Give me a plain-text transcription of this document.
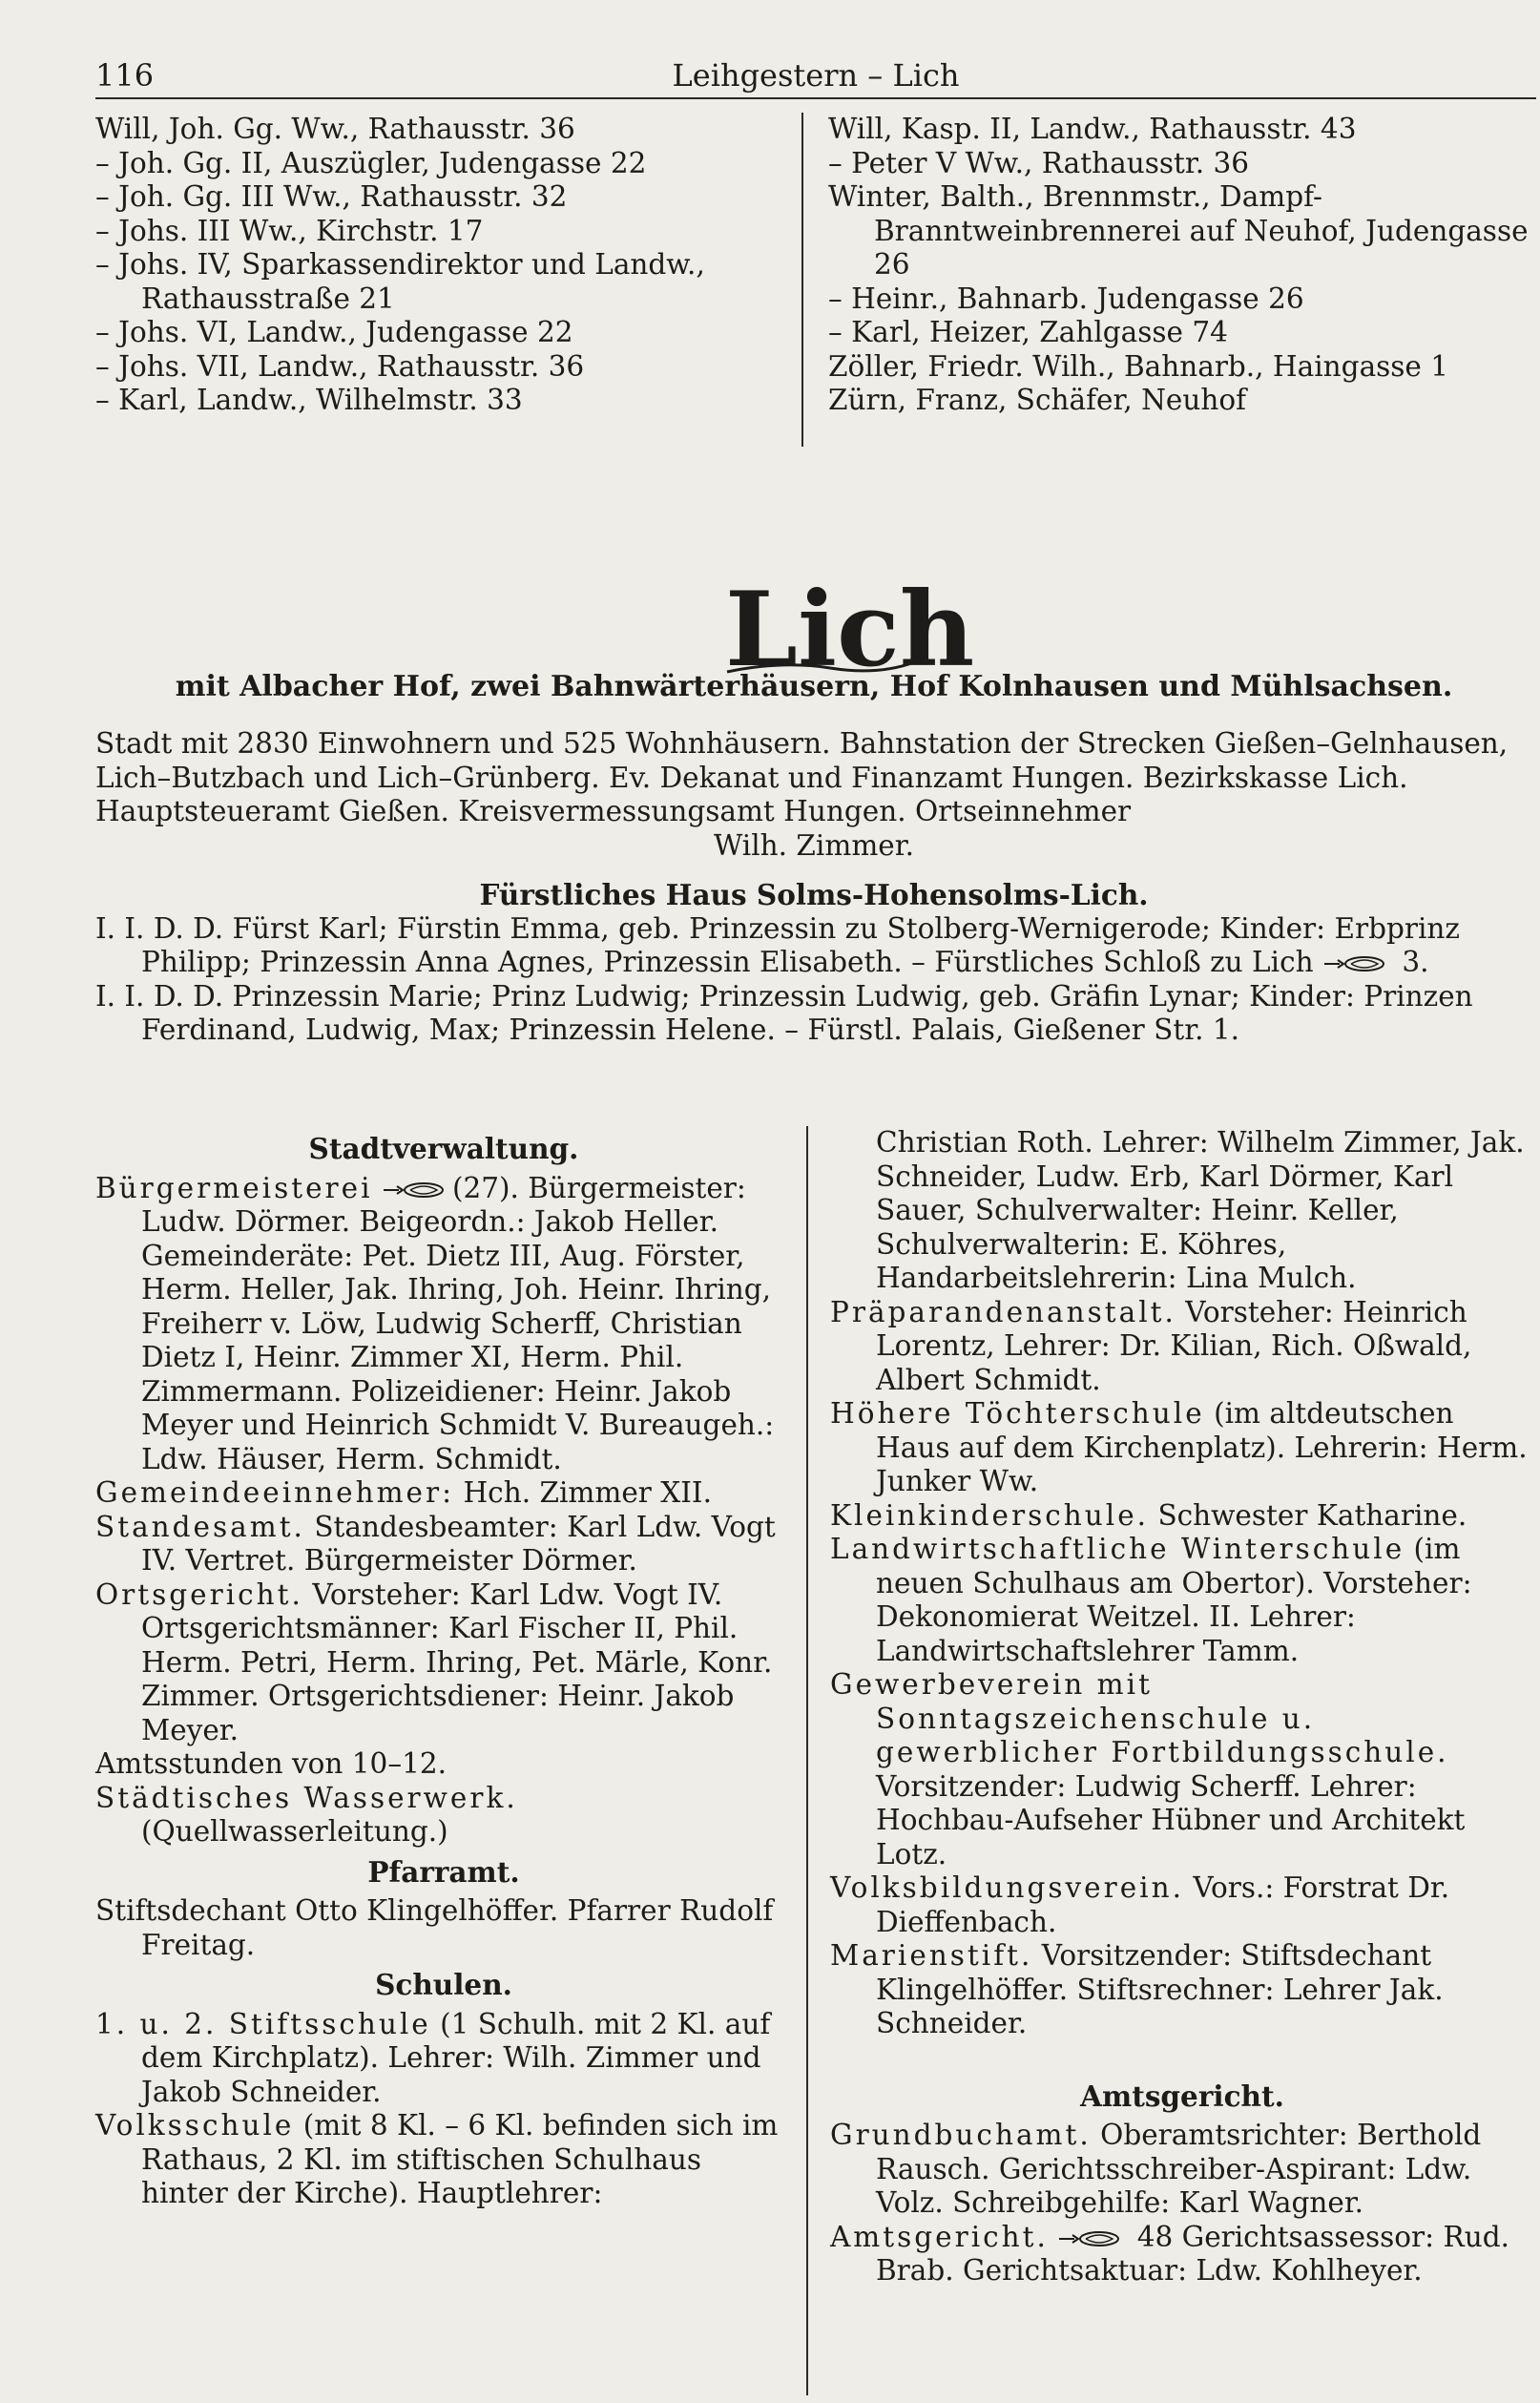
116	Leihgestern – Lich

Will, Joh. Gg. Ww., Rathausstr. 36

– Joh. Gg. II, Auszügler, Judengasse 22

– Joh. Gg. III Ww., Rathausstr. 32

– Johs. III Ww., Kirchstr. 17

– Johs. IV, Sparkassendirektor und Landw., Rathausstraße 21

– Johs. VI, Landw., Judengasse 22

– Johs. VII, Landw., Rathausstr. 36

– Karl, Landw., Wilhelmstr. 33

Will, Kasp. II, Landw., Rathausstr. 43

– Peter V Ww., Rathausstr. 36

Winter, Balth., Brennmstr., Dampf-Branntweinbrennerei auf Neuhof, Judengasse 26

– Heinr., Bahnarb. Judengasse 26

– Karl, Heizer, Zahlgasse 74

Zöller, Friedr. Wilh., Bahnarb., Haingasse 1

Zürn, Franz, Schäfer, Neuhof

Lich
mit Albacher Hof, zwei Bahnwärterhäusern, Hof Kolnhausen und Mühlsachsen.

Stadt mit 2830 Einwohnern und 525 Wohnhäusern. Bahnstation der Strecken Gießen–Gelnhausen, Lich–Butzbach und Lich–Grünberg. Ev. Dekanat und Finanzamt Hungen. Bezirkskasse Lich. Hauptsteueramt Gießen. Kreisvermessungsamt Hungen. Ortseinnehmer

Wilh. Zimmer.

Fürstliches Haus Solms-Hohensolms-Lich.

I. I. D. D. Fürst Karl; Fürstin Emma, geb. Prinzessin zu Stolberg-Wernigerode; Kinder: Erbprinz Philipp; Prinzessin Anna Agnes, Prinzessin Elisabeth. – Fürstliches Schloß zu Lich	3.

I. I. D. D. Prinzessin Marie; Prinz Ludwig; Prinzessin Ludwig, geb. Gräfin Lynar; Kinder: Prinzen Ferdinand, Ludwig, Max; Prinzessin Helene. – Fürstl. Palais, Gießener Str. 1.

Stadtverwaltung.

Bürgermeisterei	(27). Bürgermeister: Ludw. Dörmer. Beigeordn.: Jakob Heller. Gemeinderäte: Pet. Dietz III, Aug. Förster, Herm. Heller, Jak. Ihring, Joh. Heinr. Ihring, Freiherr v. Löw, Ludwig Scherff, Christian Dietz I, Heinr. Zimmer XI, Herm. Phil. Zimmermann. Polizeidiener: Heinr. Jakob Meyer und Heinrich Schmidt V. Bureaugeh.: Ldw. Häuser, Herm. Schmidt.

Gemeindeeinnehmer: Hch. Zimmer XII.

Standesamt. Standesbeamter: Karl Ldw. Vogt IV. Vertret. Bürgermeister Dörmer.

Ortsgericht. Vorsteher: Karl Ldw. Vogt IV. Ortsgerichtsmänner: Karl Fischer II, Phil. Herm. Petri, Herm. Ihring, Pet. Märle, Konr. Zimmer. Ortsgerichtsdiener: Heinr. Jakob Meyer.

Amtsstunden von 10–12.

Städtisches Wasserwerk. (Quellwasserleitung.)

Pfarramt.

Stiftsdechant Otto Klingelhöffer. Pfarrer Rudolf Freitag.

Schulen.

1. u. 2. Stiftsschule (1 Schulh. mit 2 Kl. auf dem Kirchplatz). Lehrer: Wilh. Zimmer und Jakob Schneider.

Volksschule (mit 8 Kl. – 6 Kl. befinden sich im Rathaus, 2 Kl. im stiftischen Schulhaus hinter der Kirche). Hauptlehrer:

Christian Roth. Lehrer: Wilhelm Zimmer, Jak. Schneider, Ludw. Erb, Karl Dörmer, Karl Sauer, Schulverwalter: Heinr. Keller, Schulverwalterin: E. Köhres, Handarbeitslehrerin: Lina Mulch.

Präparandenanstalt. Vorsteher: Heinrich Lorentz, Lehrer: Dr. Kilian, Rich. Oßwald, Albert Schmidt.

Höhere Töchterschule (im altdeutschen Haus auf dem Kirchenplatz). Lehrerin: Herm. Junker Ww.

Kleinkinderschule. Schwester Katharine.

Landwirtschaftliche Winterschule (im neuen Schulhaus am Obertor). Vorsteher: Dekonomierat Weitzel. II. Lehrer: Landwirtschaftslehrer Tamm.

Gewerbeverein mit Sonntagszeichenschule u. gewerblicher Fortbildungsschule. Vorsitzender: Ludwig Scherff. Lehrer: Hochbau-Aufseher Hübner und Architekt Lotz.

Volksbildungsverein. Vors.: Forstrat Dr. Dieffenbach.

Marienstift. Vorsitzender: Stiftsdechant Klingelhöffer. Stiftsrechner: Lehrer Jak. Schneider.

Amtsgericht.

Grundbuchamt. Oberamtsrichter: Berthold Rausch. Gerichtsschreiber-Aspirant: Ldw. Volz. Schreibgehilfe: Karl Wagner.

Amtsgericht.	48 Gerichtsassessor: Rud. Brab. Gerichtsaktuar: Ldw. Kohlheyer.
